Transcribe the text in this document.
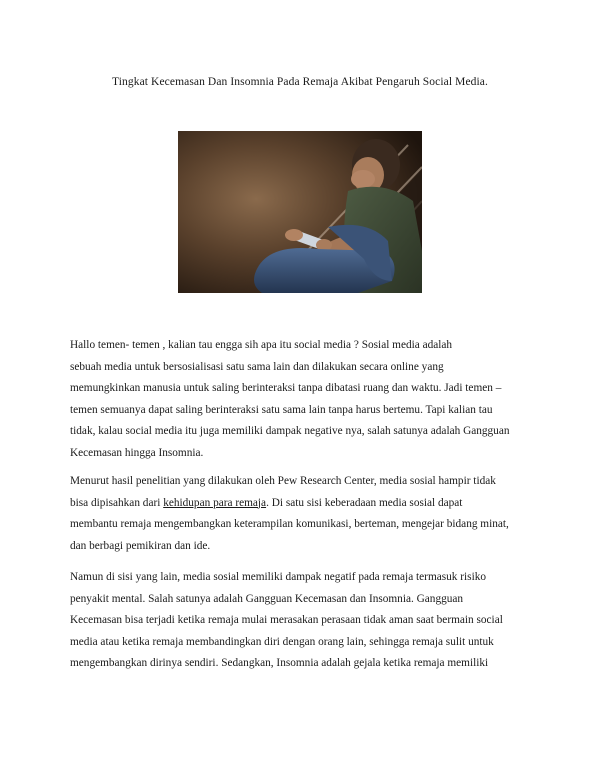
Tingkat Kecemasan Dan Insomnia Pada Remaja Akibat Pengaruh Social Media.
Hallo temen- temen , kalian tau engga sih apa itu social media ? Sosial media adalah
sebuah media untuk bersosialisasi satu sama lain dan dilakukan secara online yang
memungkinkan manusia untuk saling berinteraksi tanpa dibatasi ruang dan waktu. Jadi temen –
temen semuanya dapat saling berinteraksi satu sama lain tanpa harus bertemu. Tapi kalian tau
tidak, kalau social media itu juga memiliki dampak negative nya, salah satunya adalah Gangguan
Kecemasan hingga Insomnia.
Menurut hasil penelitian yang dilakukan oleh Pew Research Center, media sosial hampir tidak
bisa dipisahkan dari kehidupan para remaja. Di satu sisi keberadaan media sosial dapat
membantu remaja mengembangkan keterampilan komunikasi, berteman, mengejar bidang minat,
dan berbagi pemikiran dan ide.
Namun di sisi yang lain, media sosial memiliki dampak negatif pada remaja termasuk risiko
penyakit mental. Salah satunya adalah Gangguan Kecemasan dan Insomnia. Gangguan
Kecemasan bisa terjadi ketika remaja mulai merasakan perasaan tidak aman saat bermain social
media atau ketika remaja membandingkan diri dengan orang lain, sehingga remaja sulit untuk
mengembangkan dirinya sendiri. Sedangkan, Insomnia adalah gejala ketika remaja memiliki
